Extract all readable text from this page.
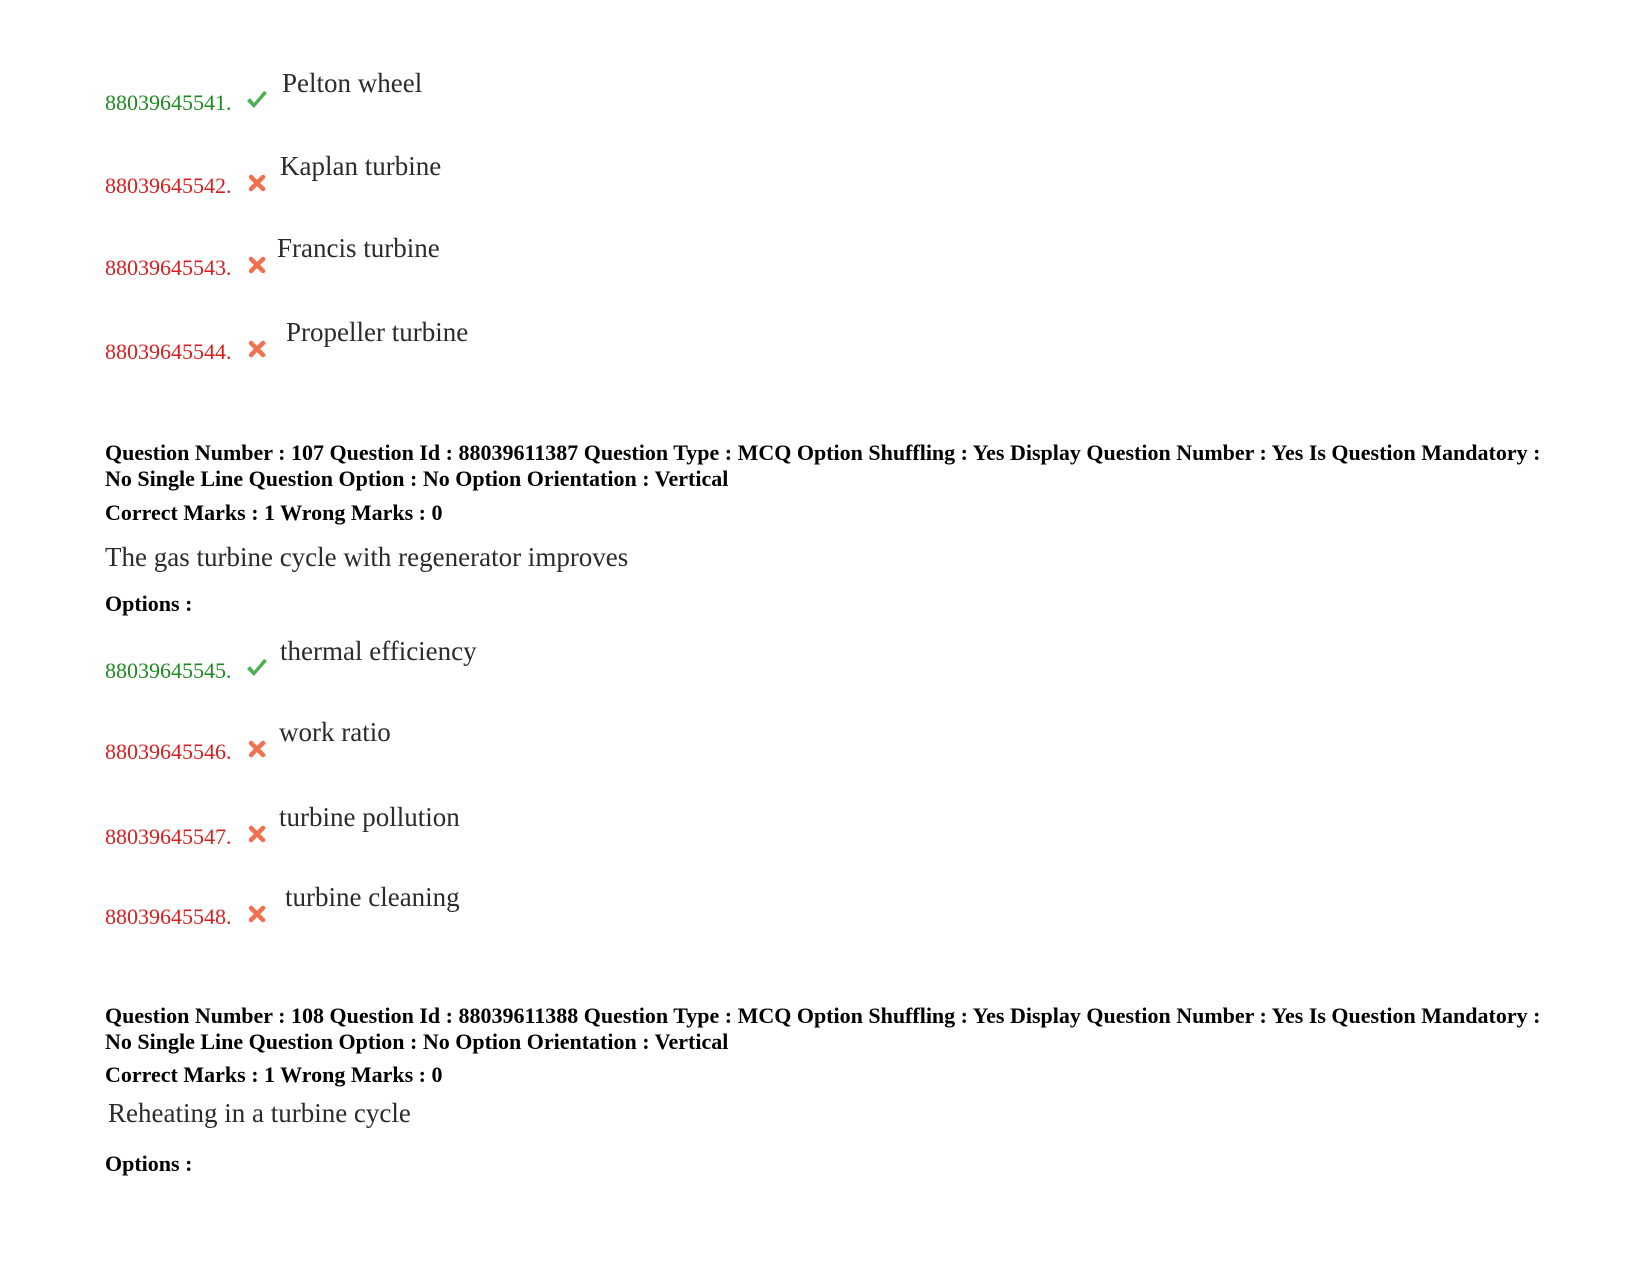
88039645541.
Pelton wheel
88039645542.
Kaplan turbine
88039645543.
Francis turbine
88039645544.
Propeller turbine
Question Number : 107 Question Id : 88039611387 Question Type : MCQ Option Shuffling : Yes Display Question Number : Yes Is Question Mandatory : No Single Line Question Option : No Option Orientation : Vertical
Correct Marks : 1 Wrong Marks : 0
The gas turbine cycle with regenerator improves
Options :
88039645545.
thermal efficiency
88039645546.
work ratio
88039645547.
turbine pollution
88039645548.
turbine cleaning
Question Number : 108 Question Id : 88039611388 Question Type : MCQ Option Shuffling : Yes Display Question Number : Yes Is Question Mandatory : No Single Line Question Option : No Option Orientation : Vertical
Correct Marks : 1 Wrong Marks : 0
Reheating in a turbine cycle
Options :
